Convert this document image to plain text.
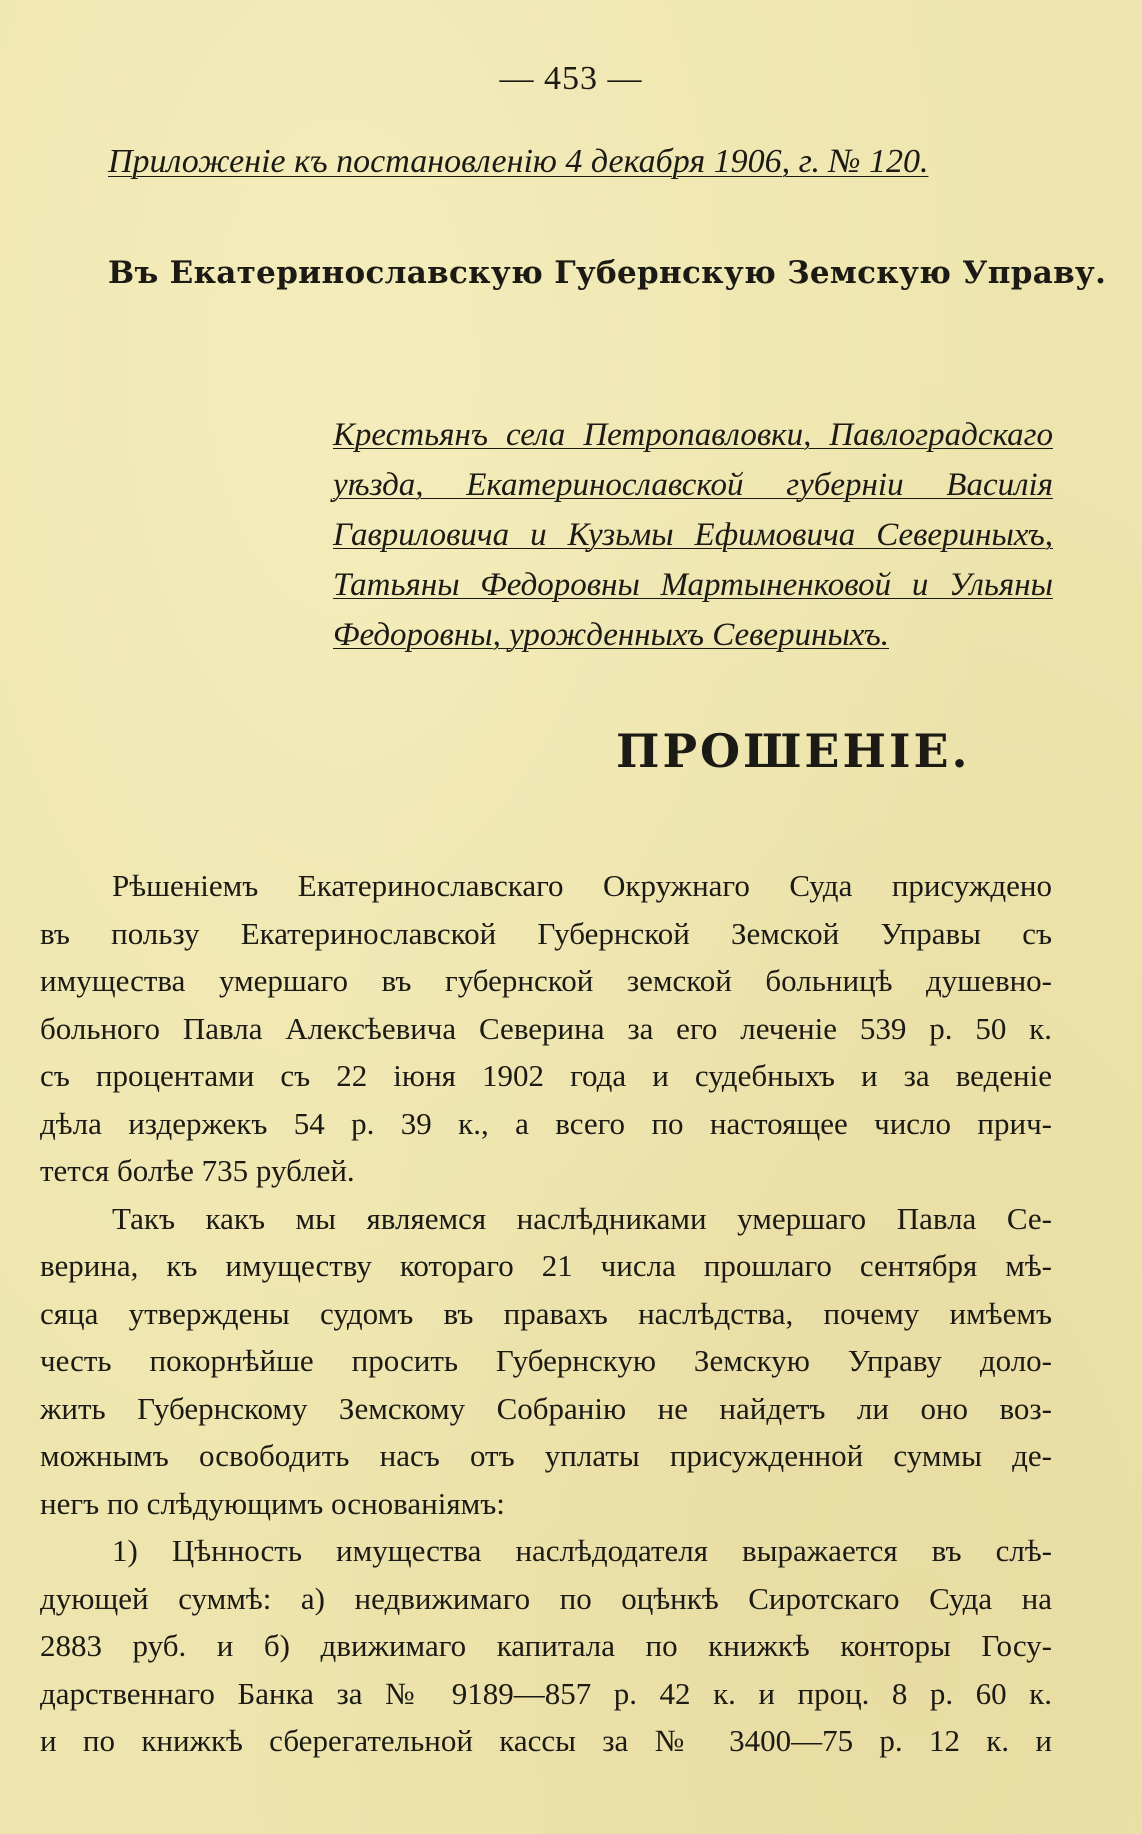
— 453 —
Приложеніе къ постановленію 4 декабря 1906, г. № 120.
Въ Екатеринославскую Губернскую Земскую Управу.
Крестьянъ села Петропавловки, Павлоградскаго
уѣзда, Екатеринославской губерніи Василія
Гавриловича и Кузьмы Ефимовича Севериныхъ,
Татьяны Федоровны Мартыненковой и Ульяны
Федоровны, урожденныхъ Севериныхъ.
ПРОШЕНІЕ.
Рѣшеніемъ Екатеринославскаго Окружнаго Суда присуждено
въ пользу Екатеринославской Губернской Земской Управы съ
имущества умершаго въ губернской земской больницѣ душевно-
больного Павла Алексѣевича Северина за его леченіе 539 р. 50 к.
съ процентами съ 22 іюня 1902 года и судебныхъ и за веденіе
дѣла издержекъ 54 р. 39 к., а всего по настоящее число прич-
тется болѣе 735 рублей.
Такъ какъ мы являемся наслѣдниками умершаго Павла Се-
верина, къ имуществу котораго 21 числа прошлаго сентября мѣ-
сяца утверждены судомъ въ правахъ наслѣдства, почему имѣемъ
честь покорнѣйше просить Губернскую Земскую Управу доло-
жить Губернскому Земскому Собранію не найдетъ ли оно воз-
можнымъ освободить насъ отъ уплаты присужденной суммы де-
негъ по слѣдующимъ основаніямъ:
1) Цѣнность имущества наслѣдодателя выражается въ слѣ-
дующей суммѣ: а) недвижимаго по оцѣнкѣ Сиротскаго Суда на
2883 руб. и б) движимаго капитала по книжкѣ конторы Госу-
дарственнаго Банка за № 9189—857 р. 42 к. и проц. 8 р. 60 к.
и по книжкѣ сберегательной кассы за № 3400—75 р. 12 к. и
